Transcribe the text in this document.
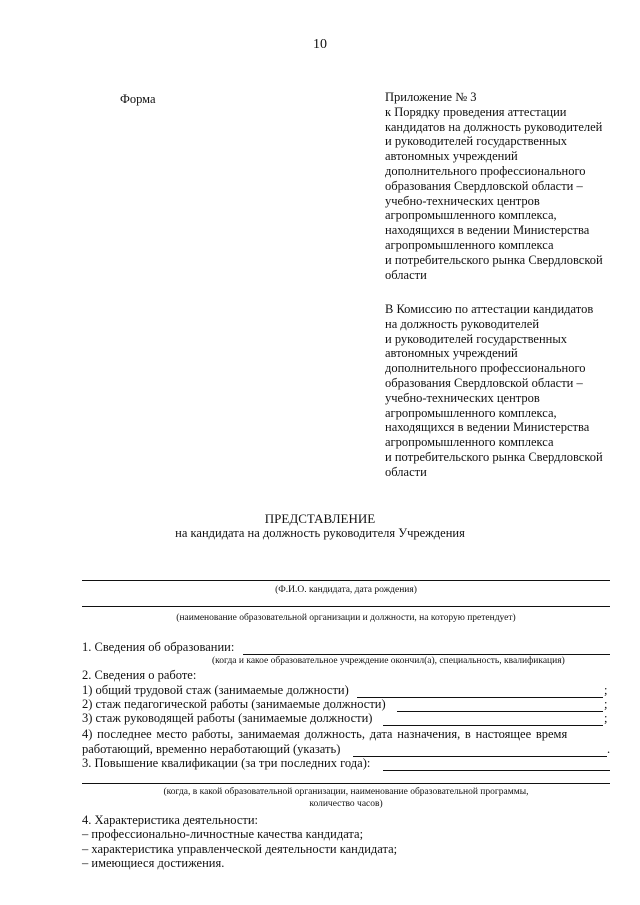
10
Форма	Приложение № 3
к Порядку проведения аттестации
кандидатов на должность руководителей
и руководителей государственных
автономных учреждений
дополнительного профессионального
образования Свердловской области –
учебно-технических центров
агропромышленного комплекса,
находящихся в ведении Министерства
агропромышленного комплекса
и потребительского рынка Свердловской
области
В Комиссию по аттестации кандидатов
на должность руководителей
и руководителей государственных
автономных учреждений
дополнительного профессионального
образования Свердловской области –
учебно-технических центров
агропромышленного комплекса,
находящихся в ведении Министерства
агропромышленного комплекса
и потребительского рынка Свердловской
области
ПРЕДСТАВЛЕНИЕ
на кандидата на должность руководителя Учреждения
(Ф.И.О. кандидата, дата рождения)
(наименование образовательной организации и должности, на которую претендует)
1. Сведения об образовании:
(когда и какое образовательное учреждение окончил(а), специальность, квалификация)
2. Сведения о работе:
1) общий трудовой стаж (занимаемые должности)	;
2) стаж педагогической работы (занимаемые должности)	;
3) стаж руководящей работы (занимаемые должности)	;
4) последнее место работы, занимаемая должность, дата назначения, в настоящее время
работающий, временно неработающий (указать)	.
3. Повышение квалификации (за три последних года):
(когда, в какой образовательной организации, наименование образовательной программы,
количество часов)
4. Характеристика деятельности:
– профессионально-личностные качества кандидата;
– характеристика управленческой деятельности кандидата;
– имеющиеся достижения.
